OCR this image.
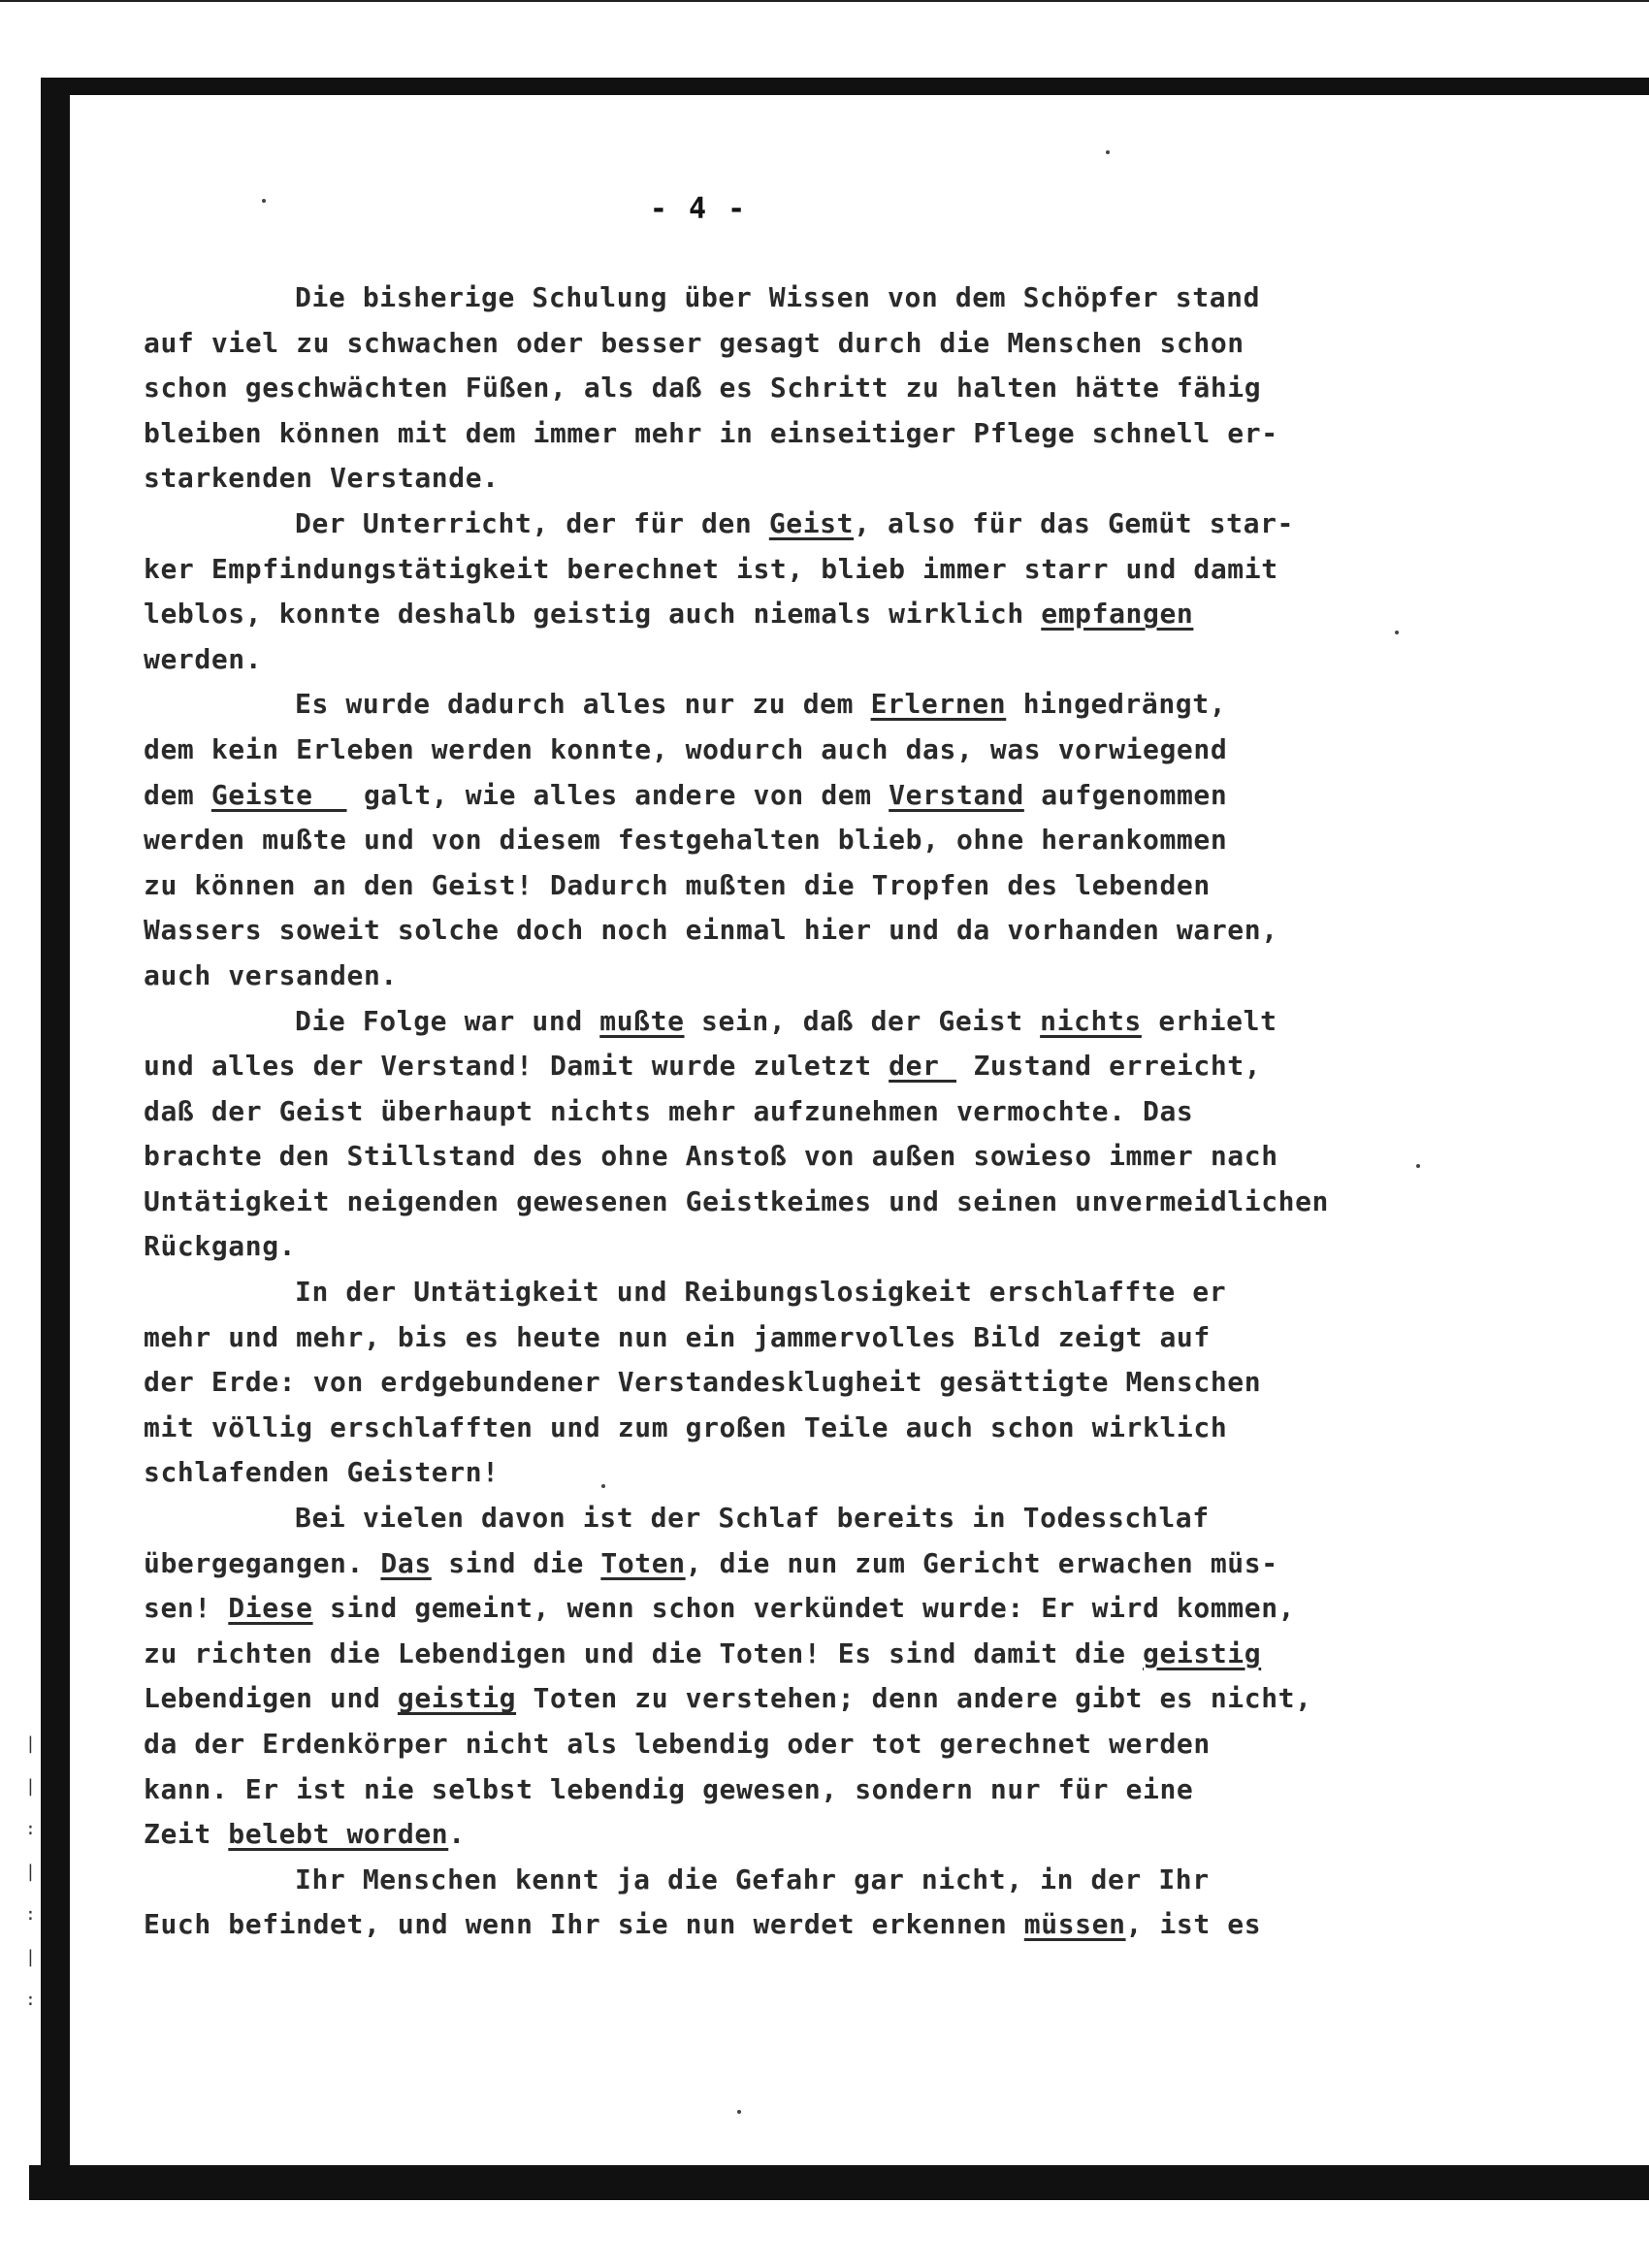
- 4 -
Die bisherige Schulung über Wissen von dem Schöpfer stand
auf viel zu schwachen oder besser gesagt durch die Menschen schon
schon geschwächten Füßen, als daß es Schritt zu halten hätte fähig
bleiben können mit dem immer mehr in einseitiger Pflege schnell er-
starkenden Verstande.
Der Unterricht, der für den Geist, also für das Gemüt star-
ker Empfindungstätigkeit berechnet ist, blieb immer starr und damit
leblos, konnte deshalb geistig auch niemals wirklich empfangen
werden.
Es wurde dadurch alles nur zu dem Erlernen hingedrängt,
dem kein Erleben werden konnte, wodurch auch das, was vorwiegend
dem Geiste   galt, wie alles andere von dem Verstand aufgenommen
werden mußte und von diesem festgehalten blieb, ohne herankommen
zu können an den Geist! Dadurch mußten die Tropfen des lebenden
Wassers soweit solche doch noch einmal hier und da vorhanden waren,
auch versanden.
Die Folge war und mußte sein, daß der Geist nichts erhielt
und alles der Verstand! Damit wurde zuletzt der  Zustand erreicht,
daß der Geist überhaupt nichts mehr aufzunehmen vermochte. Das
brachte den Stillstand des ohne Anstoß von außen sowieso immer nach
Untätigkeit neigenden gewesenen Geistkeimes und seinen unvermeidlichen
Rückgang.
In der Untätigkeit und Reibungslosigkeit erschlaffte er
mehr und mehr, bis es heute nun ein jammervolles Bild zeigt auf
der Erde: von erdgebundener Verstandesklugheit gesättigte Menschen
mit völlig erschlafften und zum großen Teile auch schon wirklich
schlafenden Geistern!
Bei vielen davon ist der Schlaf bereits in Todesschlaf
übergegangen. Das sind die Toten, die nun zum Gericht erwachen müs-
sen! Diese sind gemeint, wenn schon verkündet wurde: Er wird kommen,
zu richten die Lebendigen und die Toten! Es sind damit die geistig
Lebendigen und geistig Toten zu verstehen; denn andere gibt es nicht,
da der Erdenkörper nicht als lebendig oder tot gerechnet werden
kann. Er ist nie selbst lebendig gewesen, sondern nur für eine
Zeit belebt worden.
Ihr Menschen kennt ja die Gefahr gar nicht, in der Ihr
Euch befindet, und wenn Ihr sie nun werdet erkennen müssen, ist es
|
|
:
|
:
|
:
